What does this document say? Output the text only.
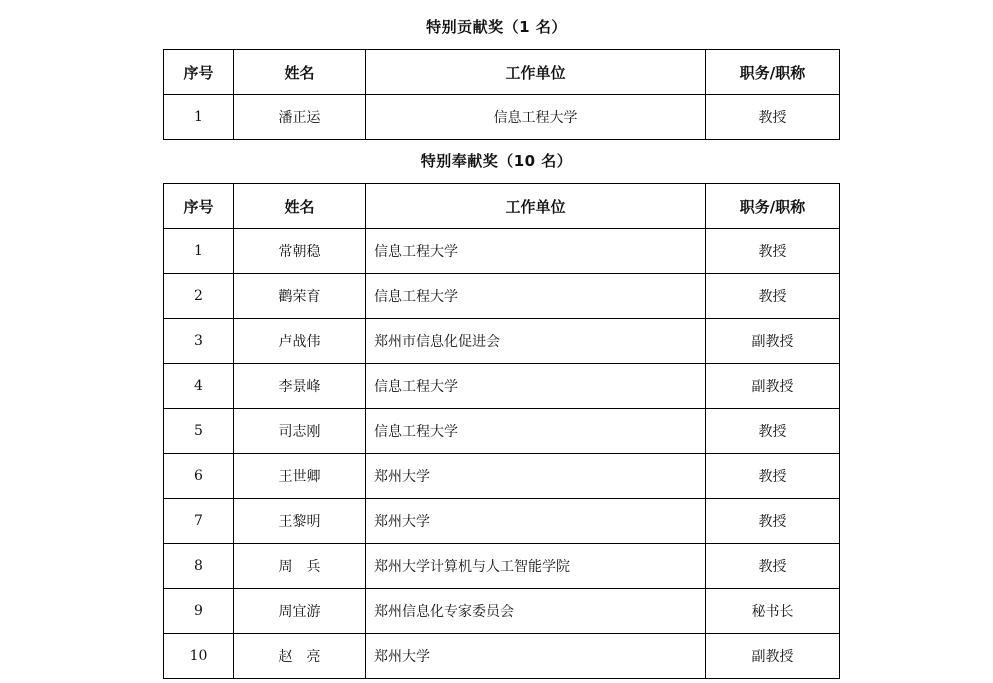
特别贡献奖（1 名）
序号	姓名	工作单位	职务/职称
1	潘正运	信息工程大学	教授
特别奉献奖（10 名）
序号	姓名	工作单位	职务/职称
1	常朝稳	信息工程大学	教授
2	鹳荣育	信息工程大学	教授
3	卢战伟	郑州市信息化促进会	副教授
4	李景峰	信息工程大学	副教授
5	司志刚	信息工程大学	教授
6	王世卿	郑州大学	教授
7	王黎明	郑州大学	教授
8	周　兵	郑州大学计算机与人工智能学院	教授
9	周宜游	郑州信息化专家委员会	秘书长
10	赵　亮	郑州大学	副教授
